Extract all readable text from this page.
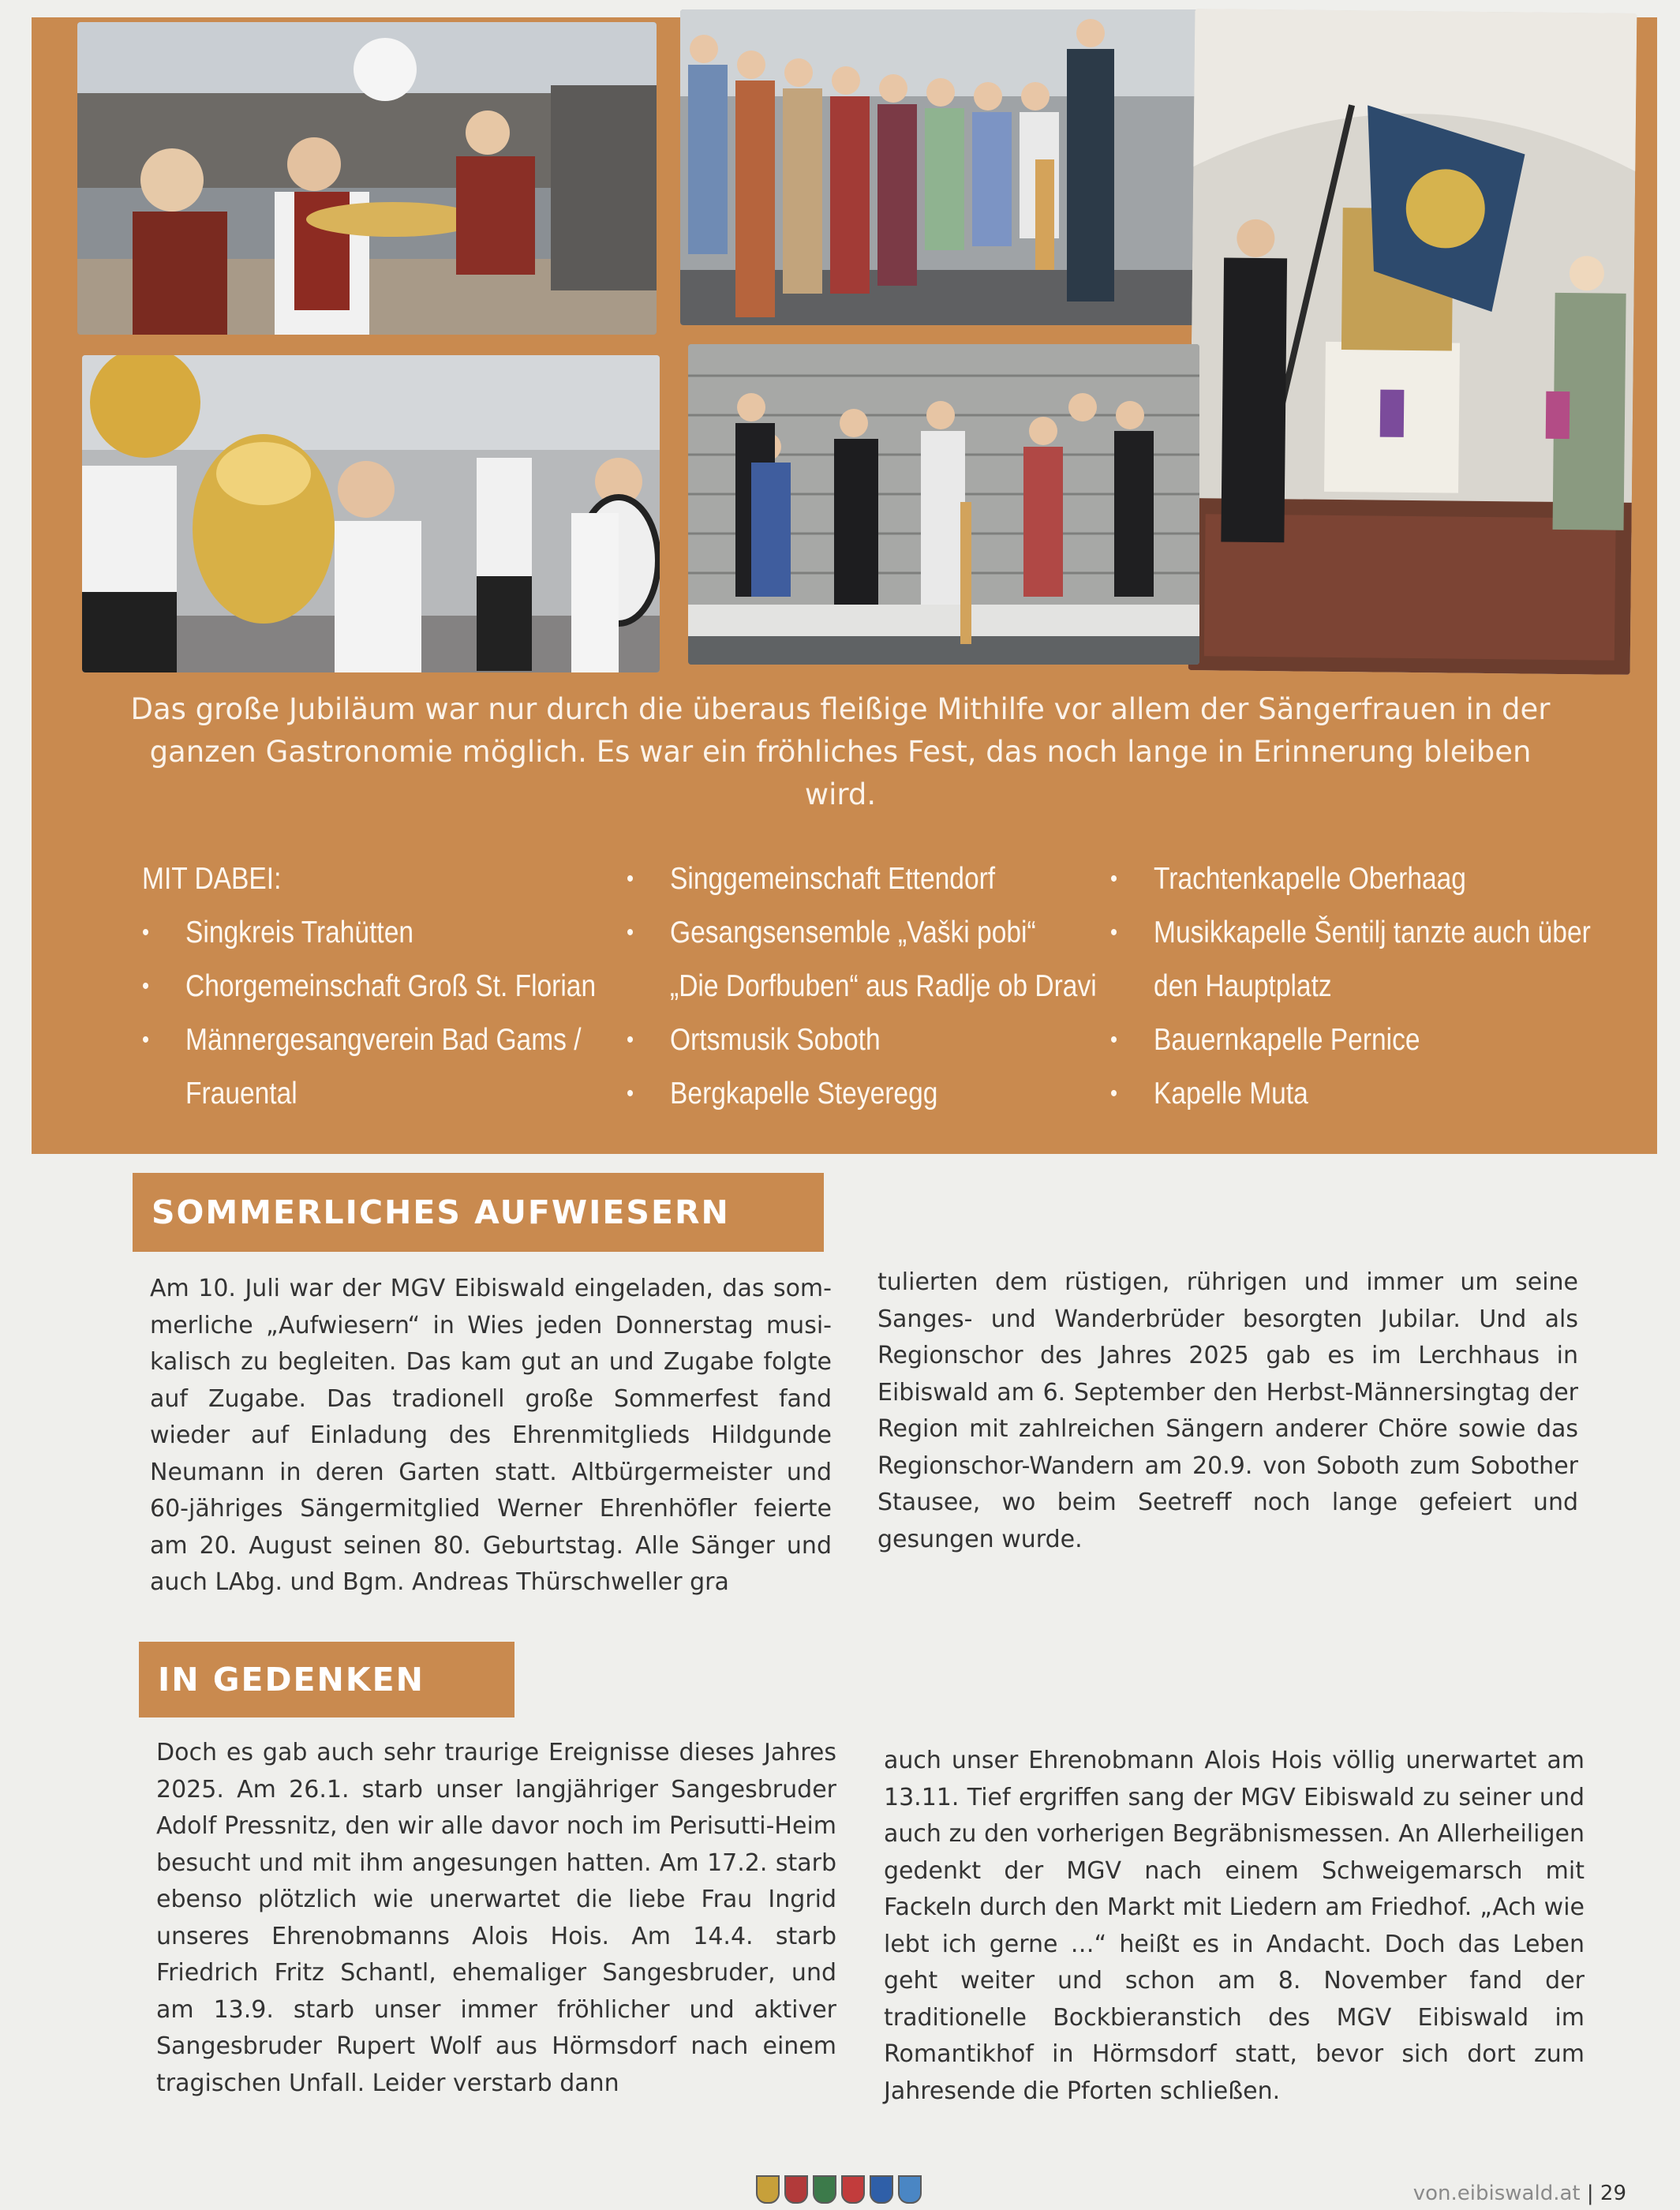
Das große Jubiläum war nur durch die überaus fleißige Mithilfe vor allem der Sängerfrauen in der ganzen Gastronomie möglich. Es war ein fröhliches Fest, das noch lange in Erinnerung bleiben wird.
MIT DABEI:
• Singkreis Trahütten
• Chorgemeinschaft Groß St. Florian
• Männergesangverein Bad Gams /
Frauental
• Singgemeinschaft Ettendorf
• Gesangsensemble „Vaški pobi“
„Die Dorfbuben“ aus Radlje ob Dravi
• Ortsmusik Soboth
• Bergkapelle Steyeregg
• Trachtenkapelle Oberhaag
• Musikkapelle Šentilj tanzte auch über
den Hauptplatz
• Bauernkapelle Pernice
• Kapelle Muta
SOMMERLICHES AUFWIESERN
Am 10. Juli war der MGV Eibiswald eingeladen, das sommerliche „Aufwiesern“ in Wies jeden Donnerstag musikalisch zu begleiten. Das kam gut an und Zugabe folgte auf Zugabe. Das tradionell große Sommerfest fand wieder auf Einladung des Ehrenmitglieds Hildgunde Neumann in deren Garten statt. Altbürgermeister und 60-jähriges Sängermitglied Werner Ehrenhöfler feierte am 20. August seinen 80. Geburtstag. Alle Sänger und auch LAbg. und Bgm. Andreas Thürschweller gra
tulierten dem rüstigen, rührigen und immer um seine Sanges- und Wanderbrüder besorgten Jubilar. Und als Regionschor des Jahres 2025 gab es im Lerchhaus in Eibiswald am 6. September den Herbst-Männersingtag der Region mit zahlreichen Sängern anderer Chöre sowie das Regionschor-Wandern am 20.9. von Soboth zum Sobother Stausee, wo beim Seetreff noch lange gefeiert und gesungen wurde.
IN GEDENKEN
Doch es gab auch sehr traurige Ereignisse dieses Jahres 2025. Am 26.1. starb unser langjähriger Sangesbruder Adolf Pressnitz, den wir alle davor noch im Perisutti-Heim besucht und mit ihm angesungen hatten. Am 17.2. starb ebenso plötzlich wie unerwartet die liebe Frau Ingrid unseres Ehrenobmanns Alois Hois. Am 14.4. starb Friedrich Fritz Schantl, ehemaliger Sangesbruder, und am 13.9. starb unser immer fröhlicher und aktiver Sangesbruder Rupert Wolf aus Hörmsdorf nach einem tragischen Unfall. Leider verstarb dann
auch unser Ehrenobmann Alois Hois völlig unerwartet am 13.11. Tief ergriffen sang der MGV Eibiswald zu seiner und auch zu den vorherigen Begräbnismessen. An Allerheiligen gedenkt der MGV nach einem Schweigemarsch mit Fackeln durch den Markt mit Liedern am Friedhof. „Ach wie lebt ich gerne …“ heißt es in Andacht. Doch das Leben geht weiter und schon am 8. November fand der traditionelle Bockbieranstich des MGV Eibiswald im Romantikhof in Hörmsdorf statt, bevor sich dort zum Jahresende die Pforten schließen.
von.eibiswald.at | 29
